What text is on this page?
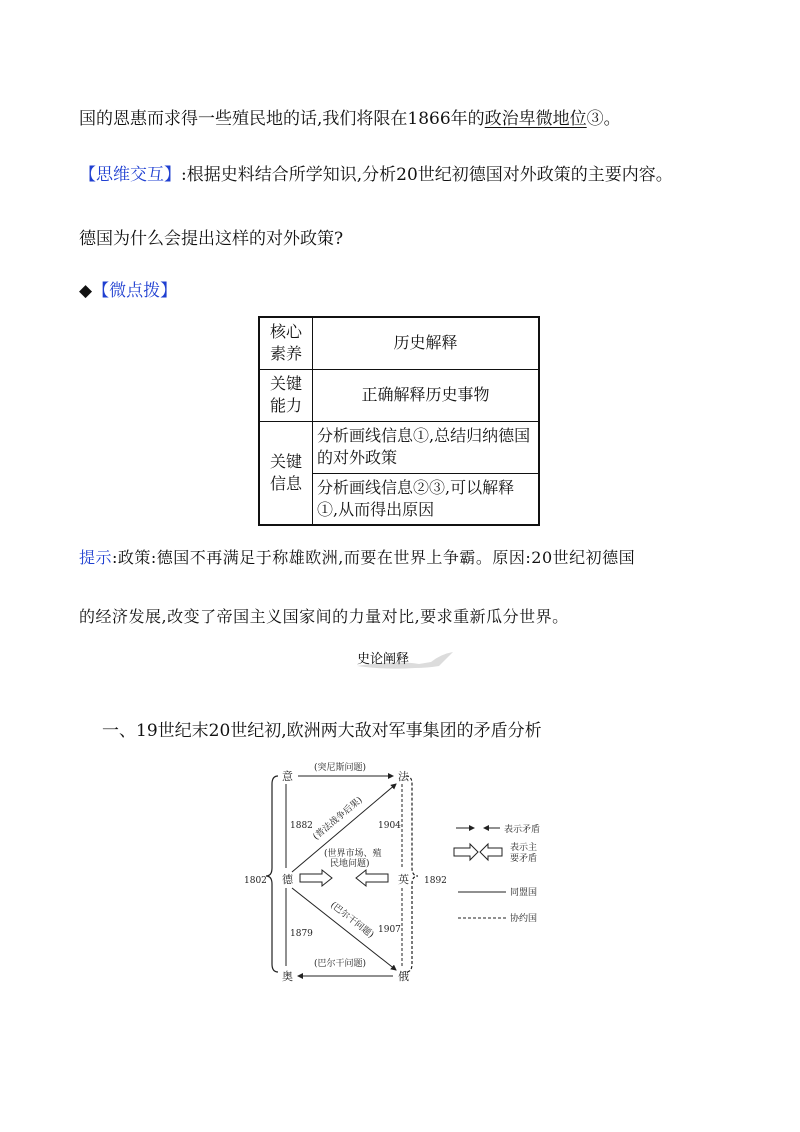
国的恩惠而求得一些殖民地的话,我们将限在1866年的政治卑微地位③。
【思维交互】:根据史料结合所学知识,分析20世纪初德国对外政策的主要内容。
德国为什么会提出这样的对外政策?
◆【微点拨】
核心素养	历史解释
关键能力	正确解释历史事物
关键信息	分析画线信息①,总结归纳德国的对外政策
	分析画线信息②③,可以解释①,从而得出原因
提示:政策:德国不再满足于称雄欧洲,而要在世界上争霸。原因:20世纪初德国
的经济发展,改变了帝国主义国家间的力量对比,要求重新瓜分世界。
史论阐释
一、19世纪末20世纪初,欧洲两大敌对军事集团的矛盾分析
意	法
德	英
奥	俄
(突尼斯问题)
1882	1904
1879	1907
1802	1892
(普法战争后果)
(世界市场、殖
民地问题)
(巴尔干问题)
(巴尔干问题)
表示矛盾
表示主
要矛盾
同盟国
协约国
